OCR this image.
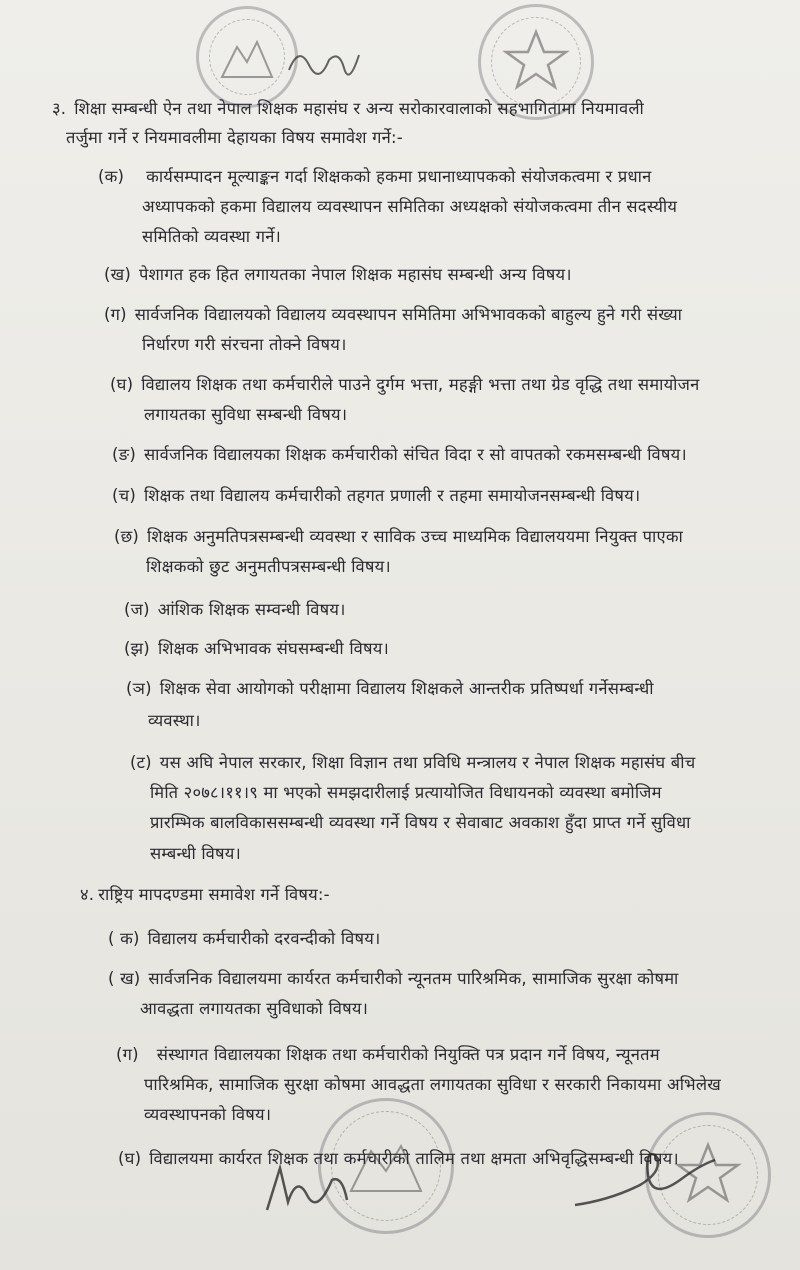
३. शिक्षा सम्बन्धी ऐन तथा नेपाल शिक्षक महासंघ र अन्य सरोकारवालाको सहभागितामा नियमावली
तर्जुमा गर्ने र नियमावलीमा देहायका विषय समावेश गर्ने:-
(क) कार्यसम्पादन मूल्याङ्कन गर्दा शिक्षकको हकमा प्रधानाध्यापकको संयोजकत्वमा र प्रधान
अध्यापकको हकमा विद्यालय व्यवस्थापन समितिका अध्यक्षको संयोजकत्वमा तीन सदस्यीय
समितिको व्यवस्था गर्ने।
(ख) पेशागत हक हित लगायतका नेपाल शिक्षक महासंघ सम्बन्धी अन्य विषय।
(ग) सार्वजनिक विद्यालयको विद्यालय व्यवस्थापन समितिमा अभिभावकको बाहुल्य हुने गरी संख्या
निर्धारण गरी संरचना तोक्ने विषय।
(घ) विद्यालय शिक्षक तथा कर्मचारीले पाउने दुर्गम भत्ता, महङ्गी भत्ता तथा ग्रेड वृद्धि तथा समायोजन
लगायतका सुविधा सम्बन्धी विषय।
(ङ) सार्वजनिक विद्यालयका शिक्षक कर्मचारीको संचित विदा र सो वापतको रकमसम्बन्धी विषय।
(च) शिक्षक तथा विद्यालय कर्मचारीको तहगत प्रणाली र तहमा समायोजनसम्बन्धी विषय।
(छ) शिक्षक अनुमतिपत्रसम्बन्धी व्यवस्था र साविक उच्च माध्यमिक विद्यालययमा नियुक्त पाएका
शिक्षकको छुट अनुमतीपत्रसम्बन्धी विषय।
(ज) आंशिक शिक्षक सम्वन्धी विषय।
(झ) शिक्षक अभिभावक संघसम्बन्धी विषय।
(ञ) शिक्षक सेवा आयोगको परीक्षामा विद्यालय शिक्षकले आन्तरीक प्रतिष्पर्धा गर्नेसम्बन्धी
व्यवस्था।
(ट) यस अघि नेपाल सरकार, शिक्षा विज्ञान तथा प्रविधि मन्त्रालय र नेपाल शिक्षक महासंघ बीच
मिति २०७८।११।९ मा भएको समझदारीलाई प्रत्यायोजित विधायनको व्यवस्था बमोजिम
प्रारम्भिक बालविकाससम्बन्धी व्यवस्था गर्ने विषय र सेवाबाट अवकाश हुँदा प्राप्त गर्ने सुविधा
सम्बन्धी विषय।
४. राष्ट्रिय मापदण्डमा समावेश गर्ने विषय:-
( क) विद्यालय कर्मचारीको दरवन्दीको विषय।
( ख) सार्वजनिक विद्यालयमा कार्यरत कर्मचारीको न्यूनतम पारिश्रमिक, सामाजिक सुरक्षा कोषमा
आवद्धता लगायतका सुविधाको विषय।
(ग) संस्थागत विद्यालयका शिक्षक तथा कर्मचारीको नियुक्ति पत्र प्रदान गर्ने विषय, न्यूनतम
पारिश्रमिक, सामाजिक सुरक्षा कोषमा आवद्धता लगायतका सुविधा र सरकारी निकायमा अभिलेख
व्यवस्थापनको विषय।
(घ) विद्यालयमा कार्यरत शिक्षक तथा कर्मचारीको तालिम तथा क्षमता अभिवृद्धिसम्बन्धी विषय।
